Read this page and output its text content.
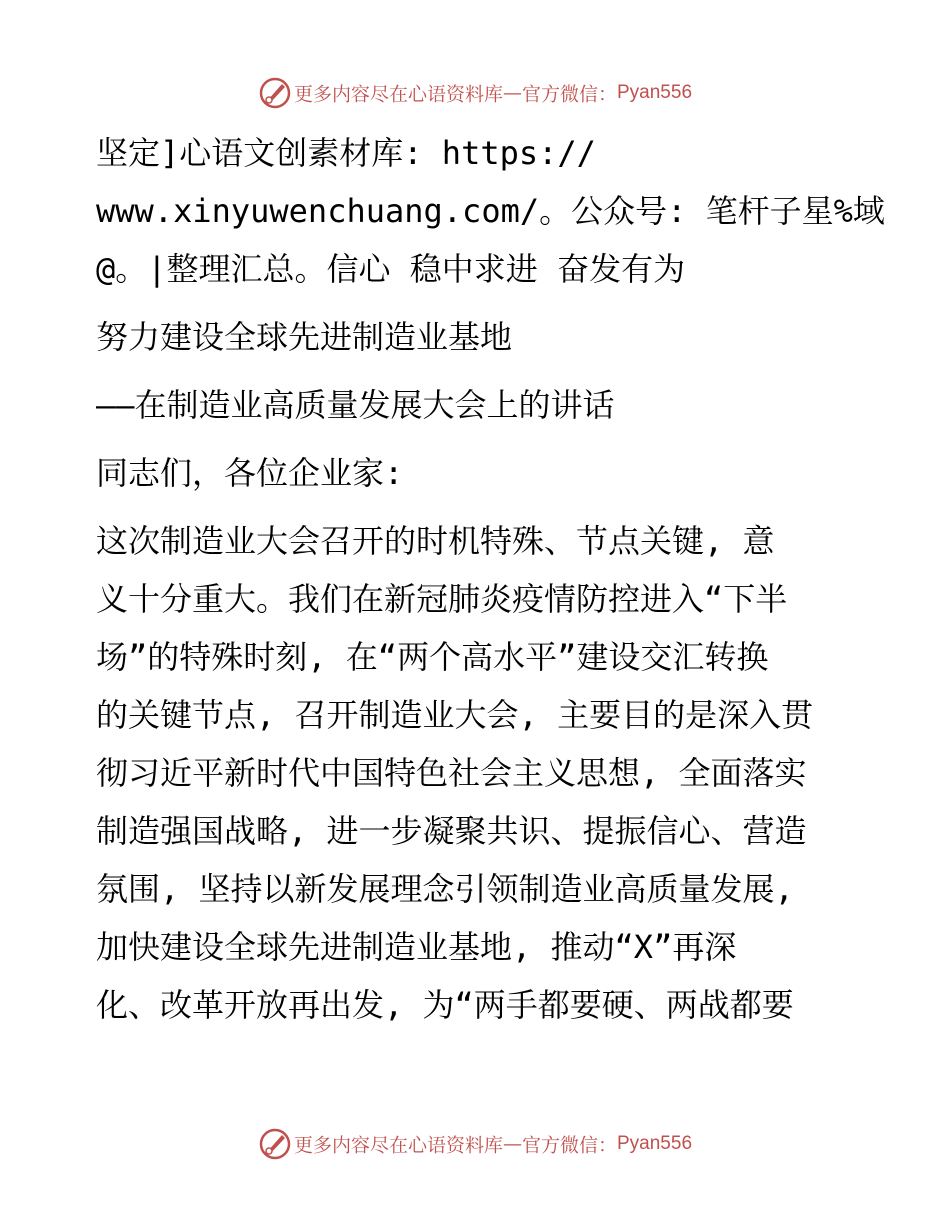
更多内容尽在心语资料库—官方微信：Pyan556

坚定]心语文创素材库: https://

www.xinyuwenchuang.com/。公众号: 笔杆子星%域

@。|整理汇总。信心 稳中求进 奋发有为

努力建设全球先进制造业基地

——在制造业高质量发展大会上的讲话

同志们，各位企业家:

这次制造业大会召开的时机特殊、节点关键, 意

义十分重大。我们在新冠肺炎疫情防控进入“下半

场”的特殊时刻, 在“两个高水平”建设交汇转换

的关键节点, 召开制造业大会, 主要目的是深入贯

彻习近平新时代中国特色社会主义思想, 全面落实

制造强国战略, 进一步凝聚共识、提振信心、营造

氛围, 坚持以新发展理念引领制造业高质量发展,

加快建设全球先进制造业基地, 推动“X”再深

化、改革开放再出发, 为“两手都要硬、两战都要

更多内容尽在心语资料库—官方微信：Pyan556
